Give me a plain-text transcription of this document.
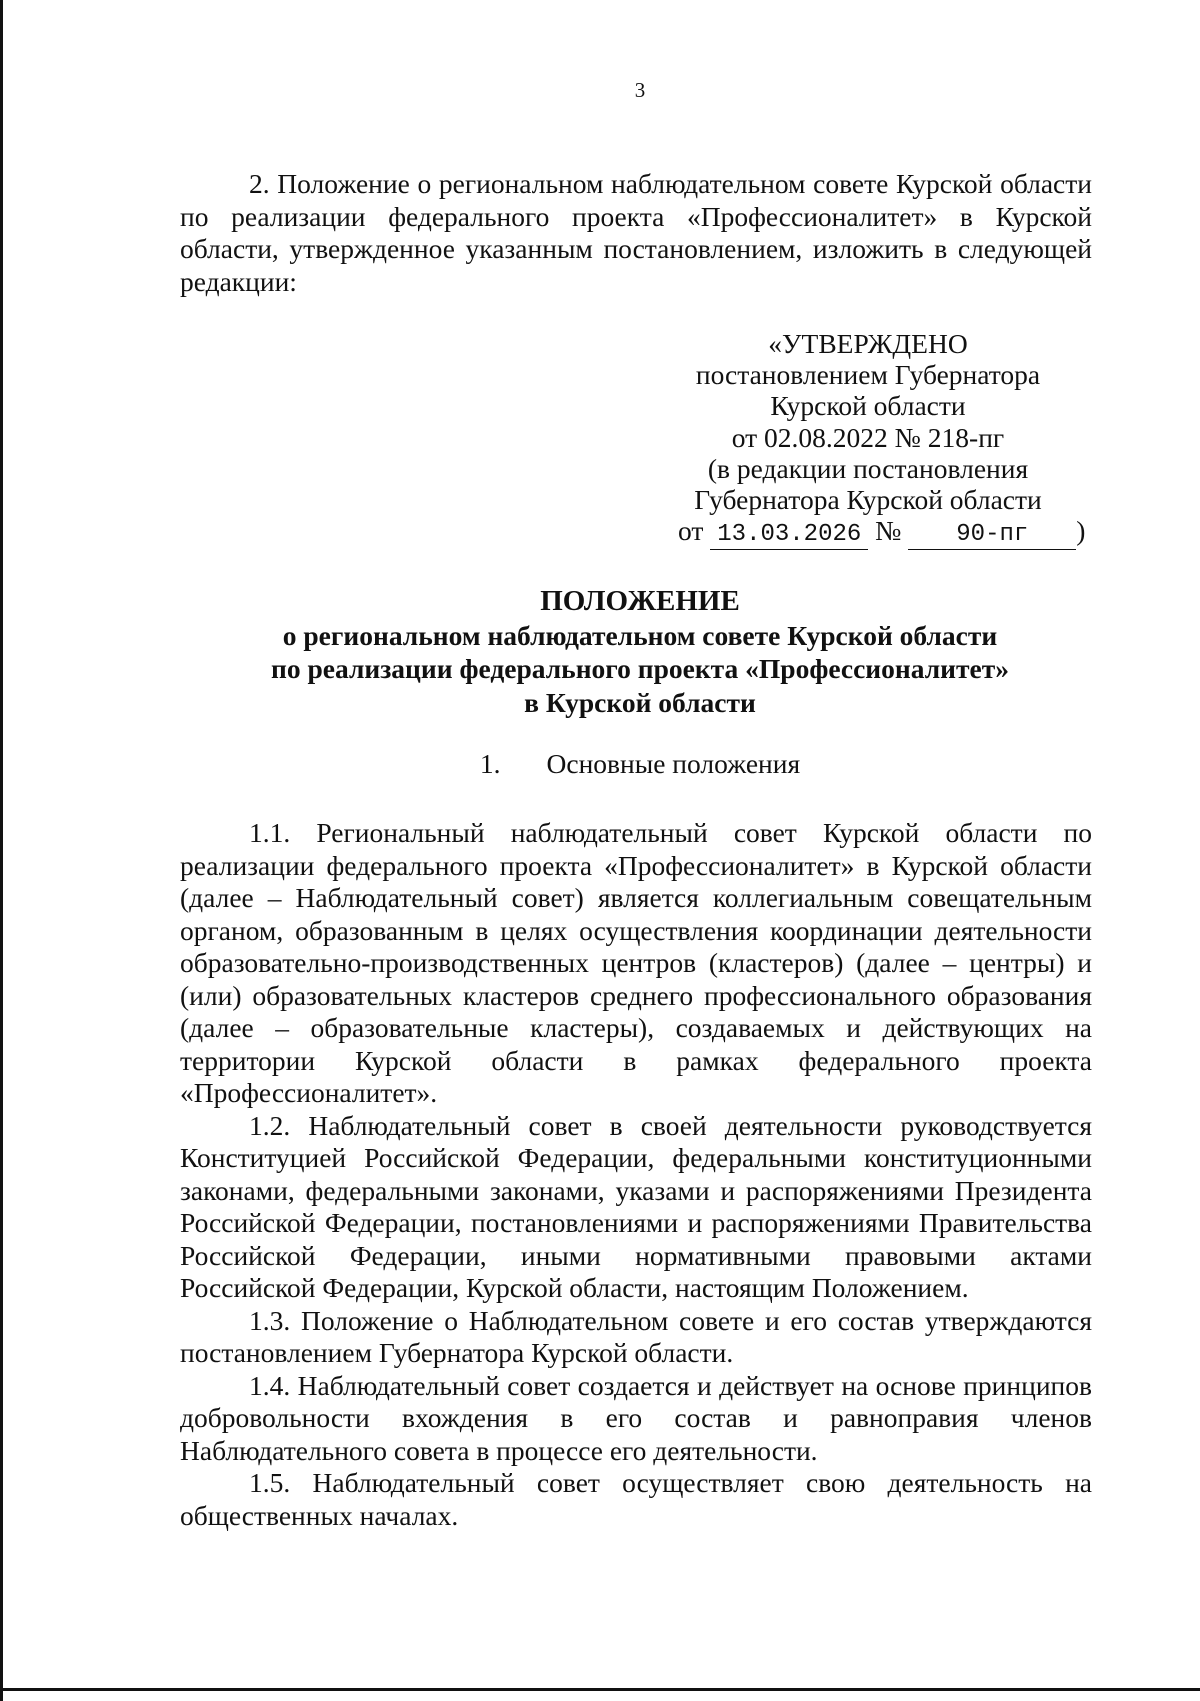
3

2. Положение о региональном наблюдательном совете Курской области по реализации федерального проекта «Профессионалитет» в Курской области, утвержденное указанным постановлением, изложить в следующей редакции:

«УТВЕРЖДЕНО
постановлением Губернатора
Курской области
от 02.08.2022 № 218-пг
(в редакции постановления
Губернатора Курской области
от 13.03.2026 № 90-пг )
ПОЛОЖЕНИЕ
о региональном наблюдательном совете Курской области
по реализации федерального проекта «Профессионалитет»
в Курской области
1. Основные положения

1.1. Региональный наблюдательный совет Курской области по реализации федерального проекта «Профессионалитет» в Курской области (далее – Наблюдательный совет) является коллегиальным совещательным органом, образованным в целях осуществления координации деятельности образовательно-производственных центров (кластеров) (далее – центры) и (или) образовательных кластеров среднего профессионального образования (далее – образовательные кластеры), создаваемых и действующих на территории Курской области в рамках федерального проекта «Профессионалитет».

1.2. Наблюдательный совет в своей деятельности руководствуется Конституцией Российской Федерации, федеральными конституционными законами, федеральными законами, указами и распоряжениями Президента Российской Федерации, постановлениями и распоряжениями Правительства Российской Федерации, иными нормативными правовыми актами Российской Федерации, Курской области, настоящим Положением.

1.3. Положение о Наблюдательном совете и его состав утверждаются постановлением Губернатора Курской области.

1.4. Наблюдательный совет создается и действует на основе принципов добровольности вхождения в его состав и равноправия членов Наблюдательного совета в процессе его деятельности.

1.5. Наблюдательный совет осуществляет свою деятельность на общественных началах.
